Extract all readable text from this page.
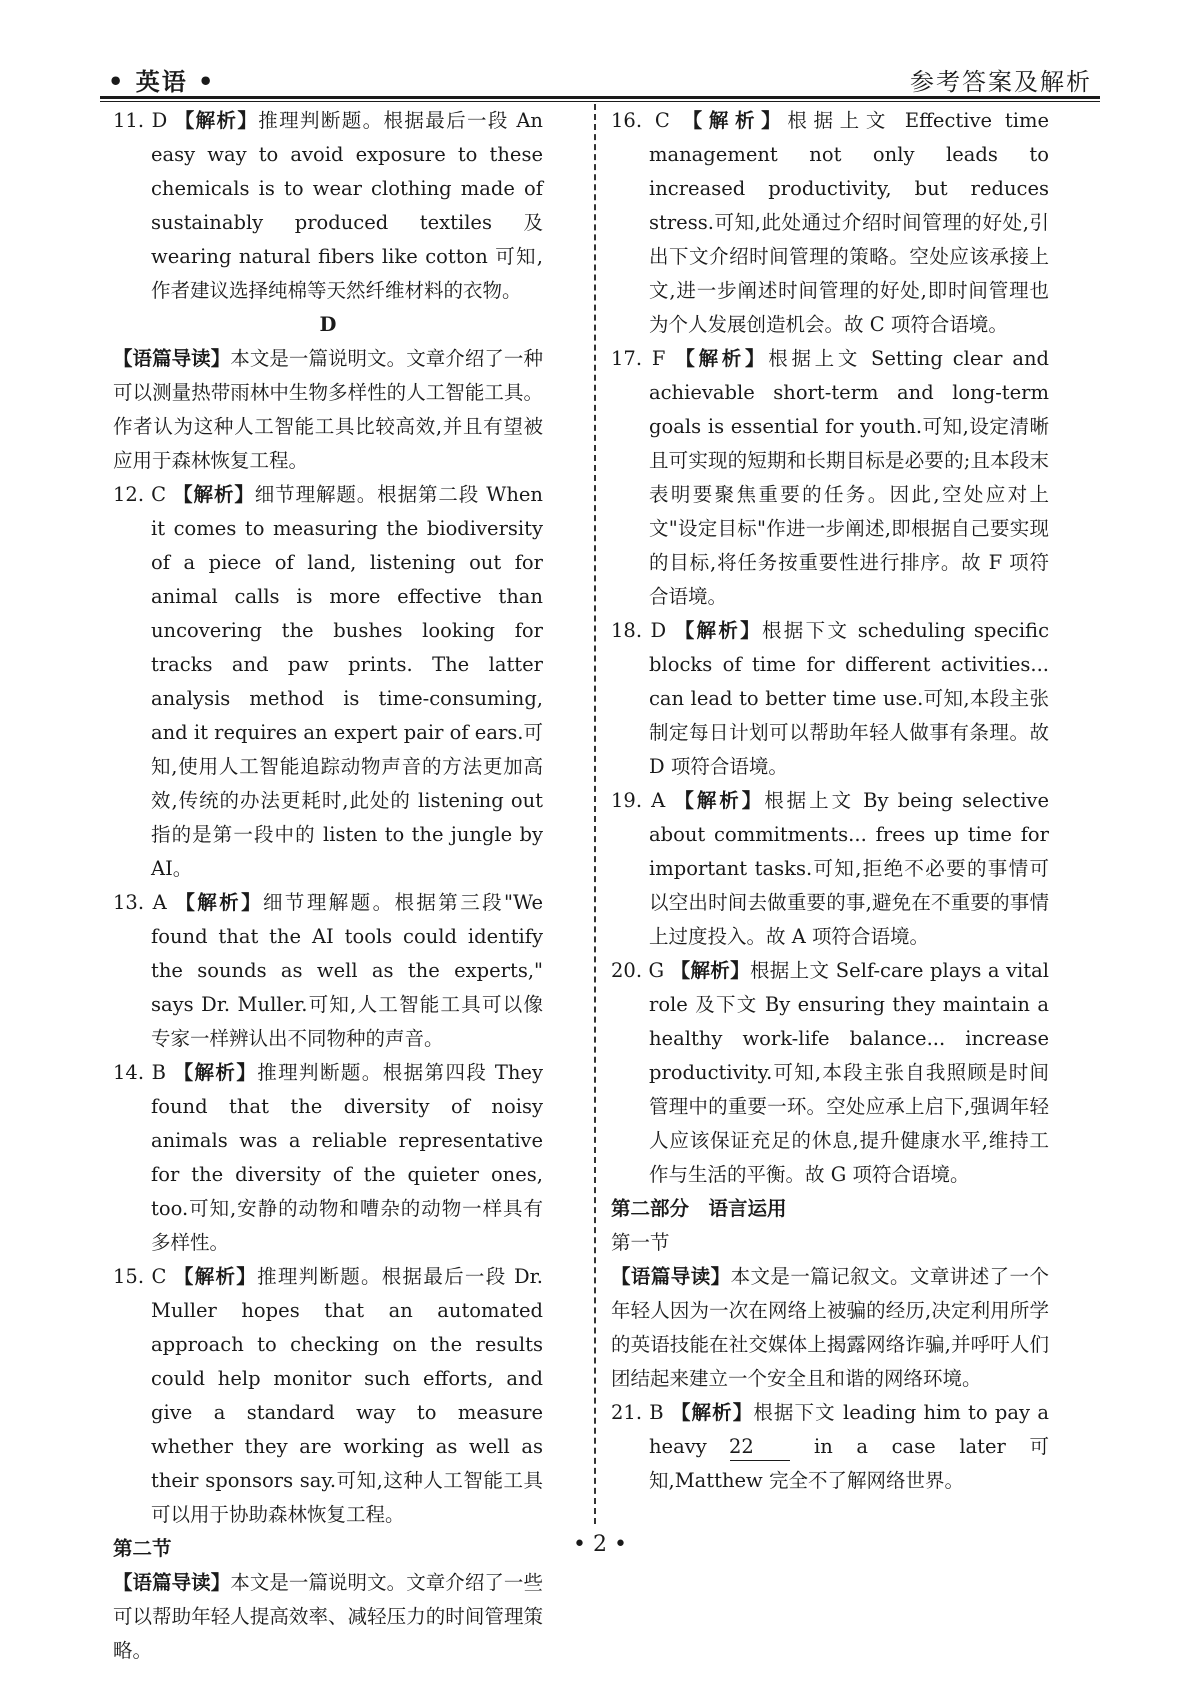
• 英语 •	参考答案及解析

11. D 【解析】推理判断题。根据最后一段 An easy way to avoid exposure to these chemicals is to wear clothing made of sustainably produced textiles 及 wearing natural fibers like cotton 可知,作者建议选择纯棉等天然纤维材料的衣物。

D

【语篇导读】本文是一篇说明文。文章介绍了一种可以测量热带雨林中生物多样性的人工智能工具。作者认为这种人工智能工具比较高效,并且有望被应用于森林恢复工程。

12. C 【解析】细节理解题。根据第二段 When it comes to measuring the biodiversity of a piece of land, listening out for animal calls is more effective than uncovering the bushes looking for tracks and paw prints. The latter analysis method is time-consuming, and it requires an expert pair of ears.可知,使用人工智能追踪动物声音的方法更加高效,传统的办法更耗时,此处的 listening out 指的是第一段中的 listen to the jungle by AI。

13. A 【解析】细节理解题。根据第三段"We found that the AI tools could identify the sounds as well as the experts," says Dr. Muller.可知,人工智能工具可以像专家一样辨认出不同物种的声音。

14. B 【解析】推理判断题。根据第四段 They found that the diversity of noisy animals was a reliable representative for the diversity of the quieter ones, too.可知,安静的动物和嘈杂的动物一样具有多样性。

15. C 【解析】推理判断题。根据最后一段 Dr. Muller hopes that an automated approach to checking on the results could help monitor such efforts, and give a standard way to measure whether they are working as well as their sponsors say.可知,这种人工智能工具可以用于协助森林恢复工程。

第二节

【语篇导读】本文是一篇说明文。文章介绍了一些可以帮助年轻人提高效率、减轻压力的时间管理策略。

16. C 【解析】根据上文 Effective time management not only leads to increased productivity, but reduces stress.可知,此处通过介绍时间管理的好处,引出下文介绍时间管理的策略。空处应该承接上文,进一步阐述时间管理的好处,即时间管理也为个人发展创造机会。故 C 项符合语境。

17. F 【解析】根据上文 Setting clear and achievable short-term and long-term goals is essential for youth.可知,设定清晰且可实现的短期和长期目标是必要的;且本段末表明要聚焦重要的任务。因此,空处应对上文"设定目标"作进一步阐述,即根据自己要实现的目标,将任务按重要性进行排序。故 F 项符合语境。

18. D 【解析】根据下文 scheduling specific blocks of time for different activities... can lead to better time use.可知,本段主张制定每日计划可以帮助年轻人做事有条理。故 D 项符合语境。

19. A 【解析】根据上文 By being selective about commitments... frees up time for important tasks.可知,拒绝不必要的事情可以空出时间去做重要的事,避免在不重要的事情上过度投入。故 A 项符合语境。

20. G 【解析】根据上文 Self-care plays a vital role 及下文 By ensuring they maintain a healthy work-life balance... increase productivity.可知,本段主张自我照顾是时间管理中的重要一环。空处应承上启下,强调年轻人应该保证充足的休息,提升健康水平,维持工作与生活的平衡。故 G 项符合语境。

第二部分　语言运用

第一节

【语篇导读】本文是一篇记叙文。文章讲述了一个年轻人因为一次在网络上被骗的经历,决定利用所学的英语技能在社交媒体上揭露网络诈骗,并呼吁人们团结起来建立一个安全且和谐的网络环境。

21. B 【解析】根据下文 leading him to pay a heavy 22	in a case later 可知,Matthew 完全不了解网络世界。

• 2 •
